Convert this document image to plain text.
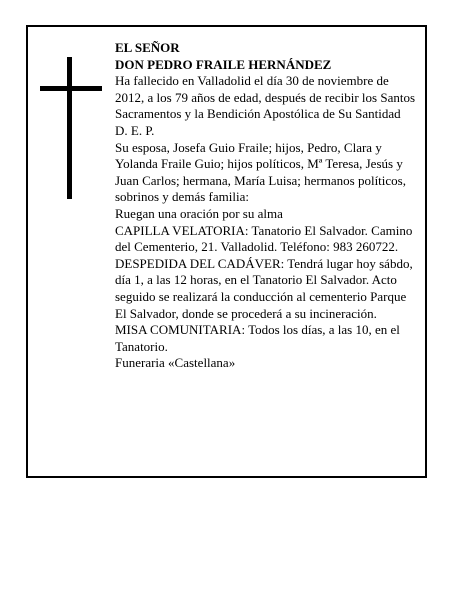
EL SEÑOR

DON PEDRO FRAILE HERNÁNDEZ

Ha fallecido en Valladolid el día 30 de noviembre de 2012, a los 79 años de edad, después de recibir los Santos Sacramentos y la Bendición Apostólica de Su Santidad

D. E. P.

Su esposa, Josefa Guio Fraile; hijos, Pedro, Clara y Yolanda Fraile Guio; hijos políticos, Mª Teresa, Jesús y Juan Carlos; hermana, María Luisa; hermanos políticos, sobrinos y demás familia:

Ruegan una oración por su alma

CAPILLA VELATORIA: Tanatorio El Salvador. Camino del Cementerio, 21. Valladolid. Teléfono: 983 260722.

DESPEDIDA DEL CADÁVER: Tendrá lugar hoy sábdo, día 1, a las 12 horas, en el Tanatorio El Salvador. Acto seguido se realizará la conducción al cementerio Parque El Salvador, donde se procederá a su incineración.

MISA COMUNITARIA: Todos los días, a las 10, en el Tanatorio.

Funeraria «Castellana»
